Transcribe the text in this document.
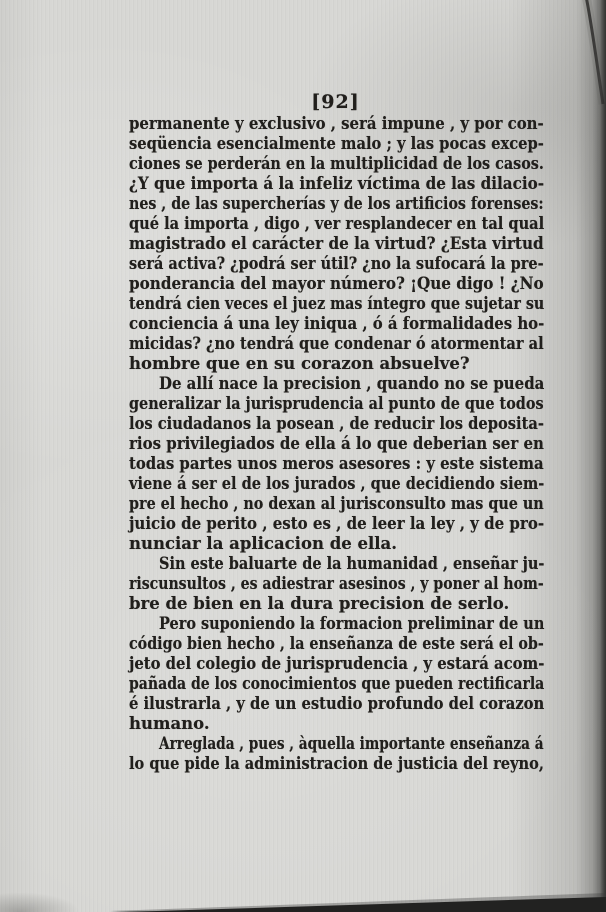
[92]
permanente y exclusivo , será impune , y por con-
seqüencia esencialmente malo ; y las pocas excep-
ciones se perderán en la multiplicidad de los casos.
¿Y que importa á la infeliz víctima de las dilacio-
nes , de las supercherías y de los artificios forenses:
qué la importa , digo , ver resplandecer en tal qual
magistrado el carácter de la virtud? ¿Esta virtud
será activa? ¿podrá ser útil? ¿no la sufocará la pre-
ponderancia del mayor número? ¡Que digo ! ¿No
tendrá cien veces el juez mas íntegro que sujetar su
conciencia á una ley iniqua , ó á formalidades ho-
micidas? ¿no tendrá que condenar ó atormentar al
hombre que en su corazon absuelve?
De allí nace la precision , quando no se pueda
generalizar la jurisprudencia al punto de que todos
los ciudadanos la posean , de reducir los deposita-
rios privilegiados de ella á lo que deberian ser en
todas partes unos meros asesores : y este sistema
viene á ser el de los jurados , que decidiendo siem-
pre el hecho , no dexan al jurisconsulto mas que un
juicio de perito , esto es , de leer la ley , y de pro-
nunciar la aplicacion de ella.
Sin este baluarte de la humanidad , enseñar ju-
riscunsultos , es adiestrar asesinos , y poner al hom-
bre de bien en la dura precision de serlo.
Pero suponiendo la formacion preliminar de un
código bien hecho , la enseñanza de este será el ob-
jeto del colegio de jurisprudencia , y estará acom-
pañada de los conocimientos que pueden rectificarla
é ilustrarla , y de un estudio profundo del corazon
humano.
Arreglada , pues , àquella importante enseñanza á
lo que pide la administracion de justicia del reyno,
